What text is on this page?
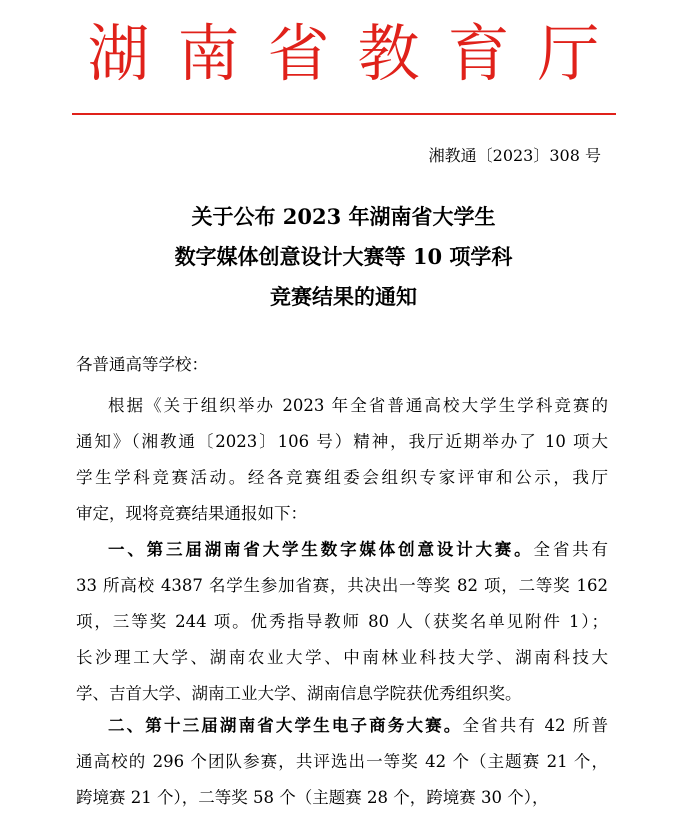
湖南省教育厅
湘教通〔2023〕308 号
关于公布 2023 年湖南省大学生
数字媒体创意设计大赛等 10 项学科
竞赛结果的通知
各普通高等学校：
根据《关于组织举办 2023 年全省普通高校大学生学科竞赛的
通知》（湘教通〔2023〕106 号）精神，我厅近期举办了 10 项大
学生学科竞赛活动。经各竞赛组委会组织专家评审和公示，我厅
审定，现将竞赛结果通报如下：
一、第三届湖南省大学生数字媒体创意设计大赛。全省共有
33 所高校 4387 名学生参加省赛，共决出一等奖 82 项，二等奖 162
项，三等奖 244 项。优秀指导教师 80 人（获奖名单见附件 1）；
长沙理工大学、湖南农业大学、中南林业科技大学、湖南科技大
学、吉首大学、湖南工业大学、湖南信息学院获优秀组织奖。
二、第十三届湖南省大学生电子商务大赛。全省共有 42 所普
通高校的 296 个团队参赛，共评选出一等奖 42 个（主题赛 21 个，
跨境赛 21 个），二等奖 58 个（主题赛 28 个，跨境赛 30 个），
